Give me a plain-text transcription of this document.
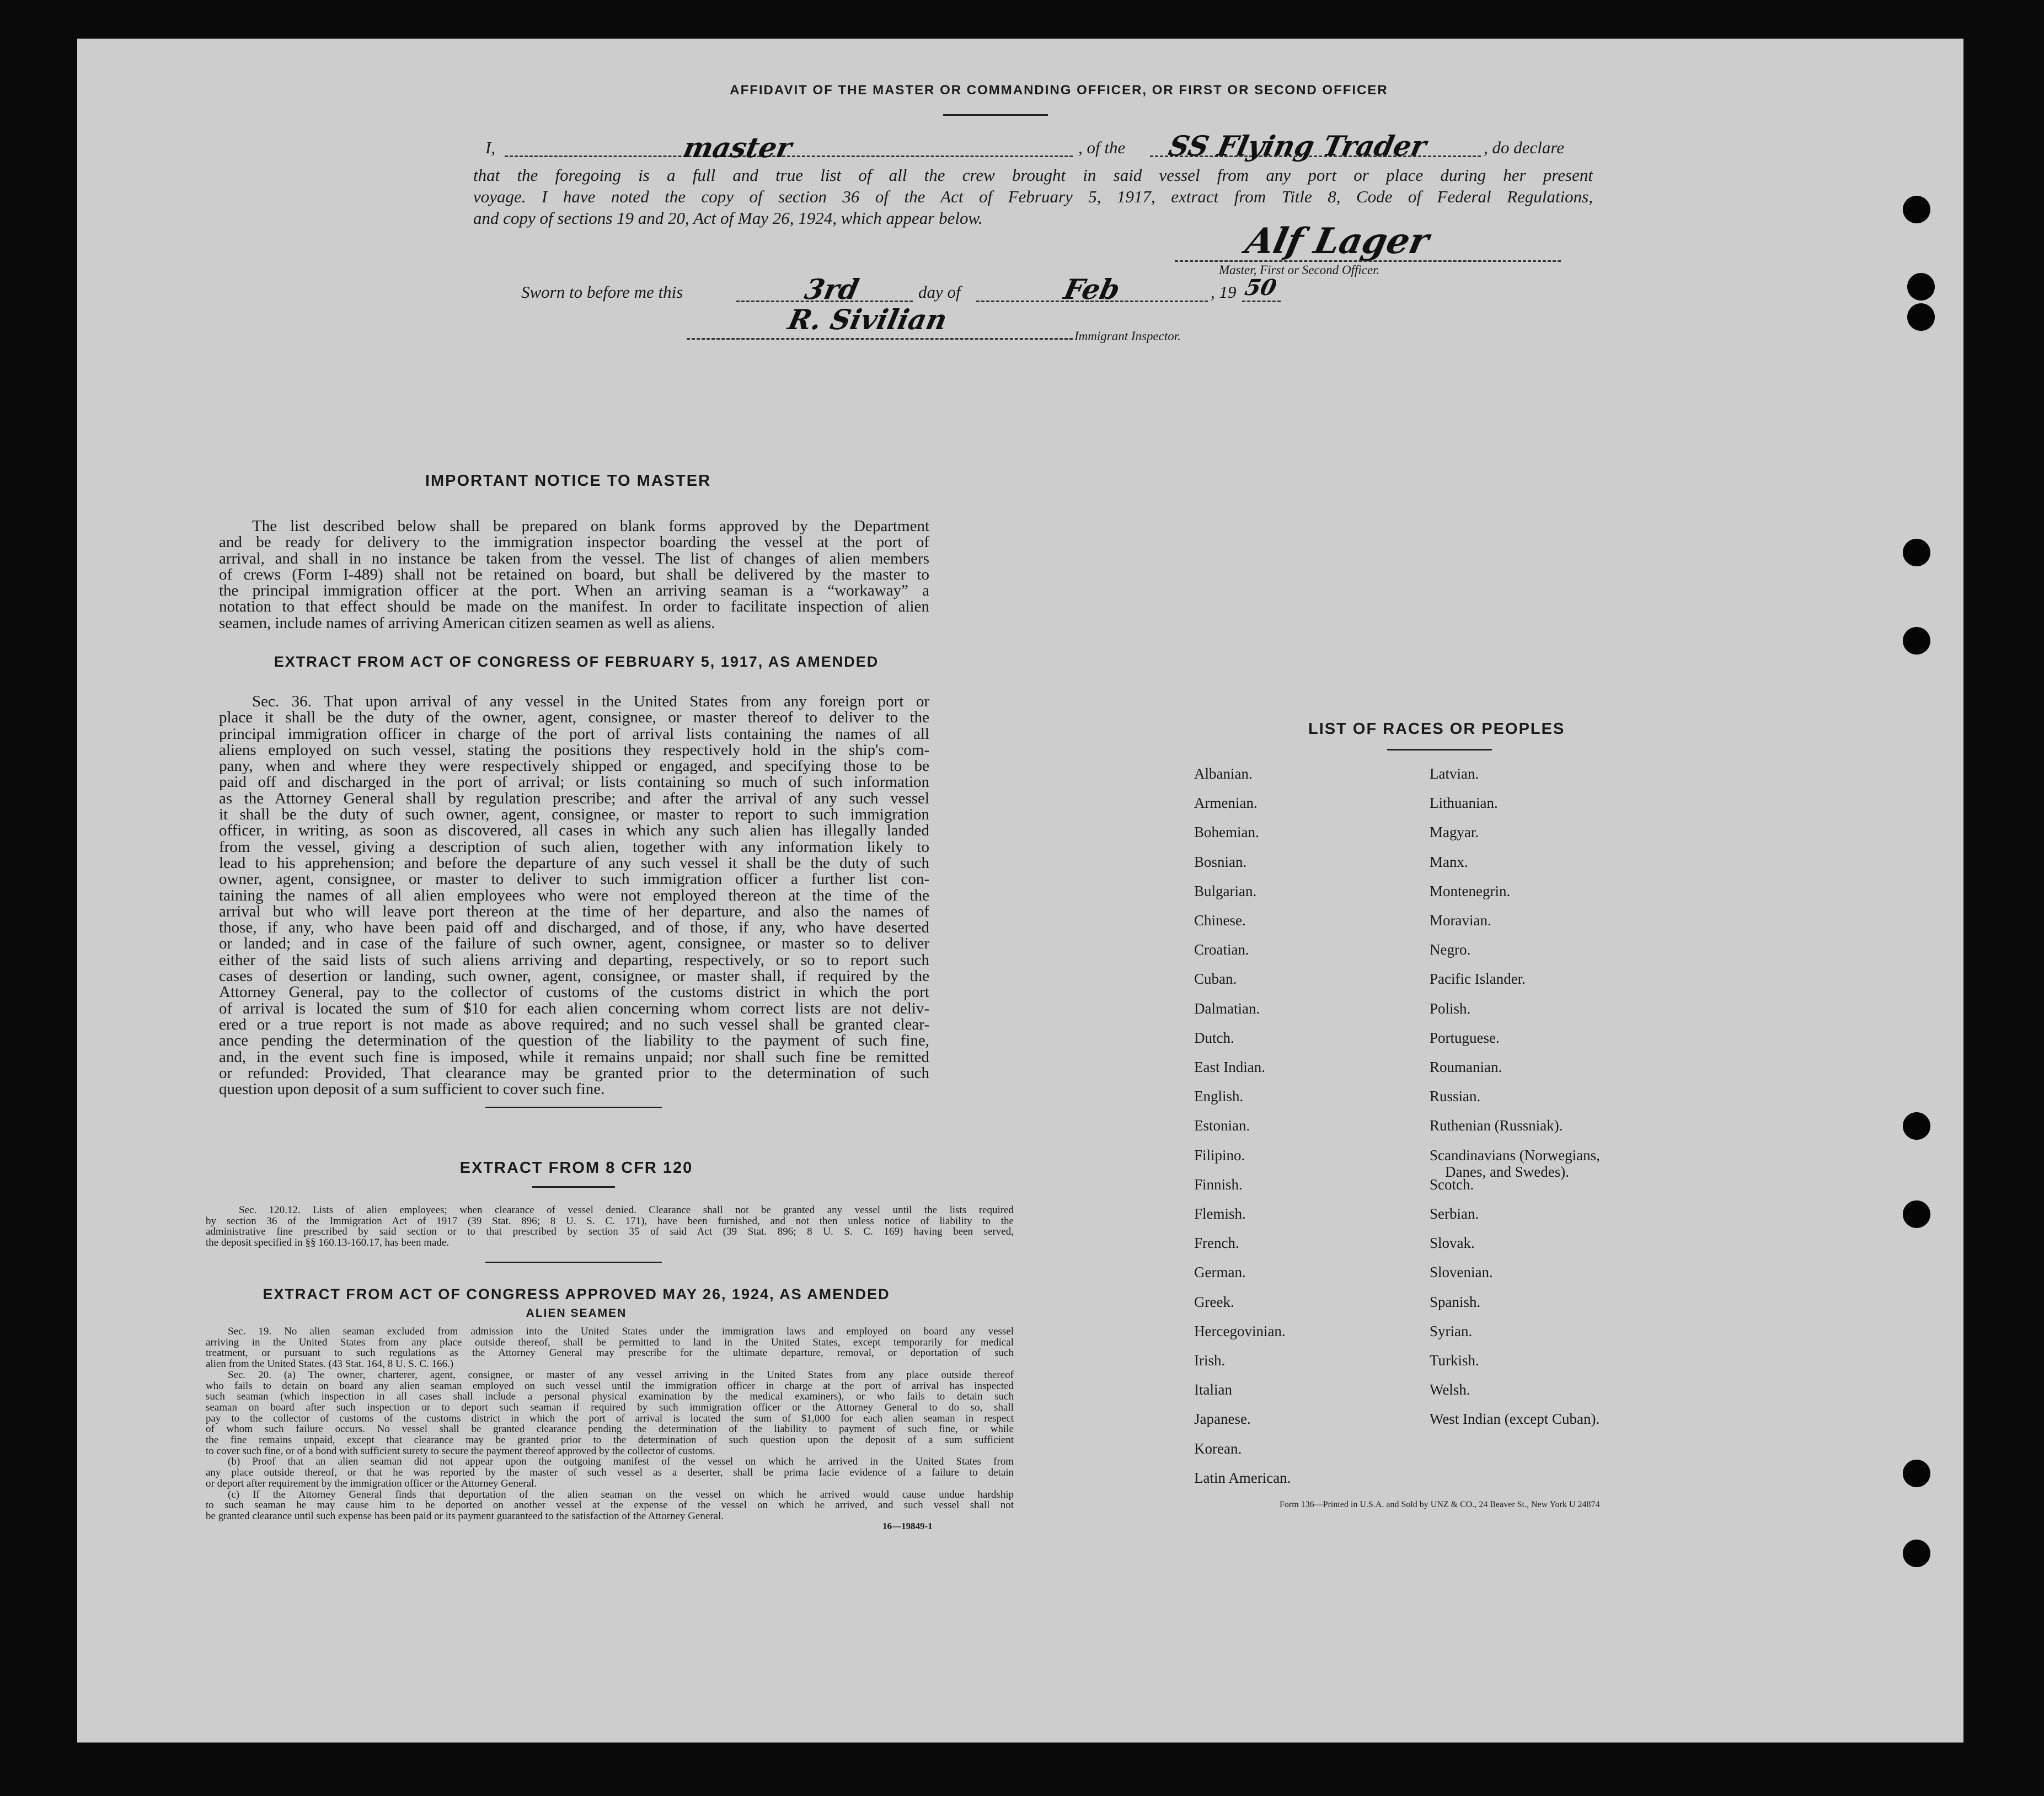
AFFIDAVIT OF THE MASTER OR COMMANDING OFFICER, OR FIRST OR SECOND OFFICER
I,	master	, of the SS Flying Trader	, do declare
that the foregoing is a full and true list of all the crew brought in said vessel from any port or place during her present
voyage. I have noted the copy of section 36 of the Act of February 5, 1917, extract from Title 8, Code of Federal Regulations,
and copy of sections 19 and 20, Act of May 26, 1924, which appear below.
Alf Lager
Master, First or Second Officer.
Sworn to before me this	3rd	day of	Feb	, 19 50
R. Sivilian
Immigrant Inspector.
IMPORTANT NOTICE TO MASTER
The list described below shall be prepared on blank forms approved by the Department
and be ready for delivery to the immigration inspector boarding the vessel at the port of
arrival, and shall in no instance be taken from the vessel. The list of changes of alien members
of crews (Form I-489) shall not be retained on board, but shall be delivered by the master to
the principal immigration officer at the port. When an arriving seaman is a “workaway” a
notation to that effect should be made on the manifest. In order to facilitate inspection of alien
seamen, include names of arriving American citizen seamen as well as aliens.
EXTRACT FROM ACT OF CONGRESS OF FEBRUARY 5, 1917, AS AMENDED
Sec. 36. That upon arrival of any vessel in the United States from any foreign port or
place it shall be the duty of the owner, agent, consignee, or master thereof to deliver to the
principal immigration officer in charge of the port of arrival lists containing the names of all
aliens employed on such vessel, stating the positions they respectively hold in the ship's com-
pany, when and where they were respectively shipped or engaged, and specifying those to be
paid off and discharged in the port of arrival; or lists containing so much of such information
as the Attorney General shall by regulation prescribe; and after the arrival of any such vessel
it shall be the duty of such owner, agent, consignee, or master to report to such immigration
officer, in writing, as soon as discovered, all cases in which any such alien has illegally landed
from the vessel, giving a description of such alien, together with any information likely to
lead to his apprehension; and before the departure of any such vessel it shall be the duty of such
owner, agent, consignee, or master to deliver to such immigration officer a further list con-
taining the names of all alien employees who were not employed thereon at the time of the
arrival but who will leave port thereon at the time of her departure, and also the names of
those, if any, who have been paid off and discharged, and of those, if any, who have deserted
or landed; and in case of the failure of such owner, agent, consignee, or master so to deliver
either of the said lists of such aliens arriving and departing, respectively, or so to report such
cases of desertion or landing, such owner, agent, consignee, or master shall, if required by the
Attorney General, pay to the collector of customs of the customs district in which the port
of arrival is located the sum of $10 for each alien concerning whom correct lists are not deliv-
ered or a true report is not made as above required; and no such vessel shall be granted clear-
ance pending the determination of the question of the liability to the payment of such fine,
and, in the event such fine is imposed, while it remains unpaid; nor shall such fine be remitted
or refunded: Provided, That clearance may be granted prior to the determination of such
question upon deposit of a sum sufficient to cover such fine.
EXTRACT FROM 8 CFR 120
Sec. 120.12. Lists of alien employees; when clearance of vessel denied. Clearance shall not be granted any vessel until the lists required
by section 36 of the Immigration Act of 1917 (39 Stat. 896; 8 U. S. C. 171), have been furnished, and not then unless notice of liability to the
administrative fine prescribed by said section or to that prescribed by section 35 of said Act (39 Stat. 896; 8 U. S. C. 169) having been served,
the deposit specified in §§ 160.13-160.17, has been made.
EXTRACT FROM ACT OF CONGRESS APPROVED MAY 26, 1924, AS AMENDED
ALIEN SEAMEN
Sec. 19. No alien seaman excluded from admission into the United States under the immigration laws and employed on board any vessel
arriving in the United States from any place outside thereof, shall be permitted to land in the United States, except temporarily for medical
treatment, or pursuant to such regulations as the Attorney General may prescribe for the ultimate departure, removal, or deportation of such
alien from the United States. (43 Stat. 164, 8 U. S. C. 166.)
Sec. 20. (a) The owner, charterer, agent, consignee, or master of any vessel arriving in the United States from any place outside thereof
who fails to detain on board any alien seaman employed on such vessel until the immigration officer in charge at the port of arrival has inspected
such seaman (which inspection in all cases shall include a personal physical examination by the medical examiners), or who fails to detain such
seaman on board after such inspection or to deport such seaman if required by such immigration officer or the Attorney General to do so, shall
pay to the collector of customs of the customs district in which the port of arrival is located the sum of $1,000 for each alien seaman in respect
of whom such failure occurs. No vessel shall be granted clearance pending the determination of the liability to payment of such fine, or while
the fine remains unpaid, except that clearance may be granted prior to the determination of such question upon the deposit of a sum sufficient
to cover such fine, or of a bond with sufficient surety to secure the payment thereof approved by the collector of customs.
(b) Proof that an alien seaman did not appear upon the outgoing manifest of the vessel on which he arrived in the United States from
any place outside thereof, or that he was reported by the master of such vessel as a deserter, shall be prima facie evidence of a failure to detain
or deport after requirement by the immigration officer or the Attorney General.
(c) If the Attorney General finds that deportation of the alien seaman on the vessel on which he arrived would cause undue hardship
to such seaman he may cause him to be deported on another vessel at the expense of the vessel on which he arrived, and such vessel shall not
be granted clearance until such expense has been paid or its payment guaranteed to the satisfaction of the Attorney General.
16—19849-1
LIST OF RACES OR PEOPLES
Form 136—Printed in U.S.A. and Sold by UNZ & CO., 24 Beaver St., New York U 24874
Albanian.
Armenian.
Bohemian.
Bosnian.
Bulgarian.
Chinese.
Croatian.
Cuban.
Dalmatian.
Dutch.
East Indian.
English.
Estonian.
Filipino.
Finnish.
Flemish.
French.
German.
Greek.
Hercegovinian.
Irish.
Italian
Japanese.
Korean.
Latin American.
Latvian.
Lithuanian.
Magyar.
Manx.
Montenegrin.
Moravian.
Negro.
Pacific Islander.
Polish.
Portuguese.
Roumanian.
Russian.
Ruthenian (Russniak).
Scandinavians (Norwegians,
Danes, and Swedes).
Scotch.
Serbian.
Slovak.
Slovenian.
Spanish.
Syrian.
Turkish.
Welsh.
West Indian (except Cuban).
